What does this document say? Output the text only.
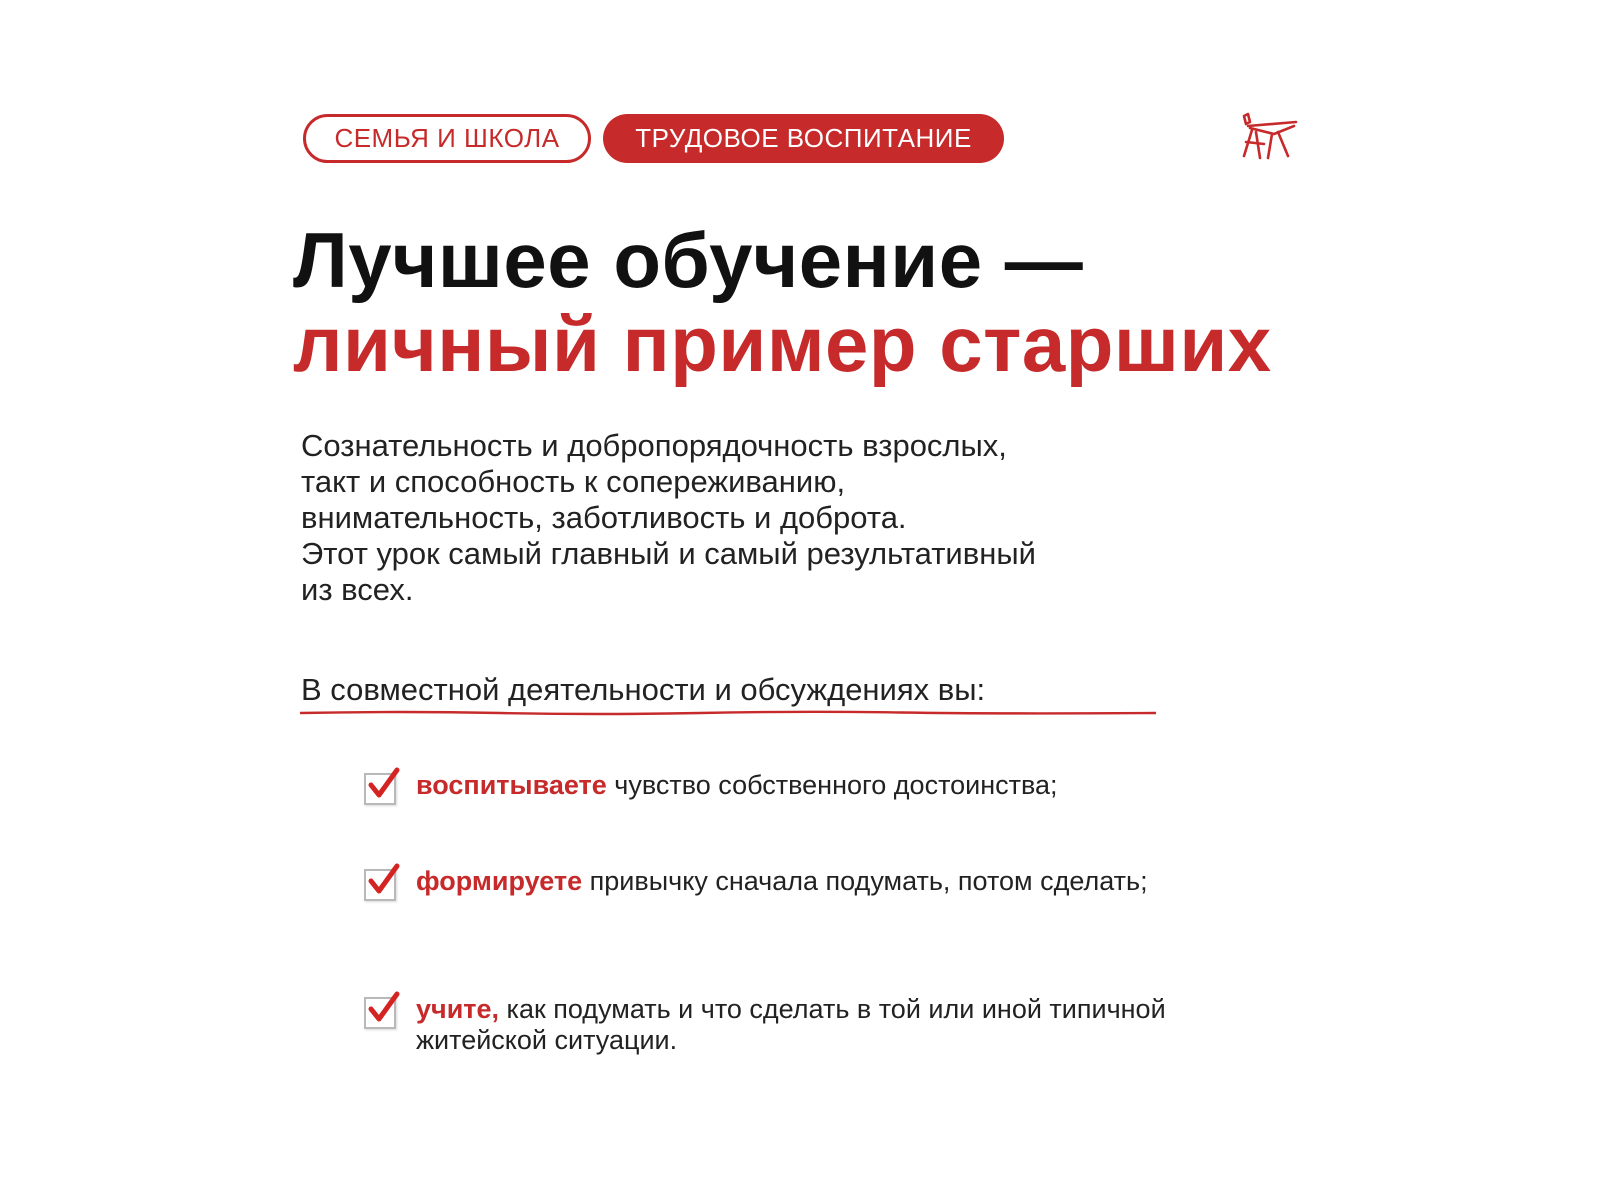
СЕМЬЯ И ШКОЛА	ТРУДОВОЕ ВОСПИТАНИЕ
Лучшее обучение —
личный пример старших
Сознательность и добропорядочность взрослых,
такт и способность к сопереживанию,
внимательность, заботливость и доброта.
Этот урок самый главный и самый результативный
из всех.
В совместной деятельности и обсуждениях вы:
воспитываете чувство собственного достоинства;
формируете привычку сначала подумать, потом сделать;
учите, как подумать и что сделать в той или иной типичной житейской ситуации.
